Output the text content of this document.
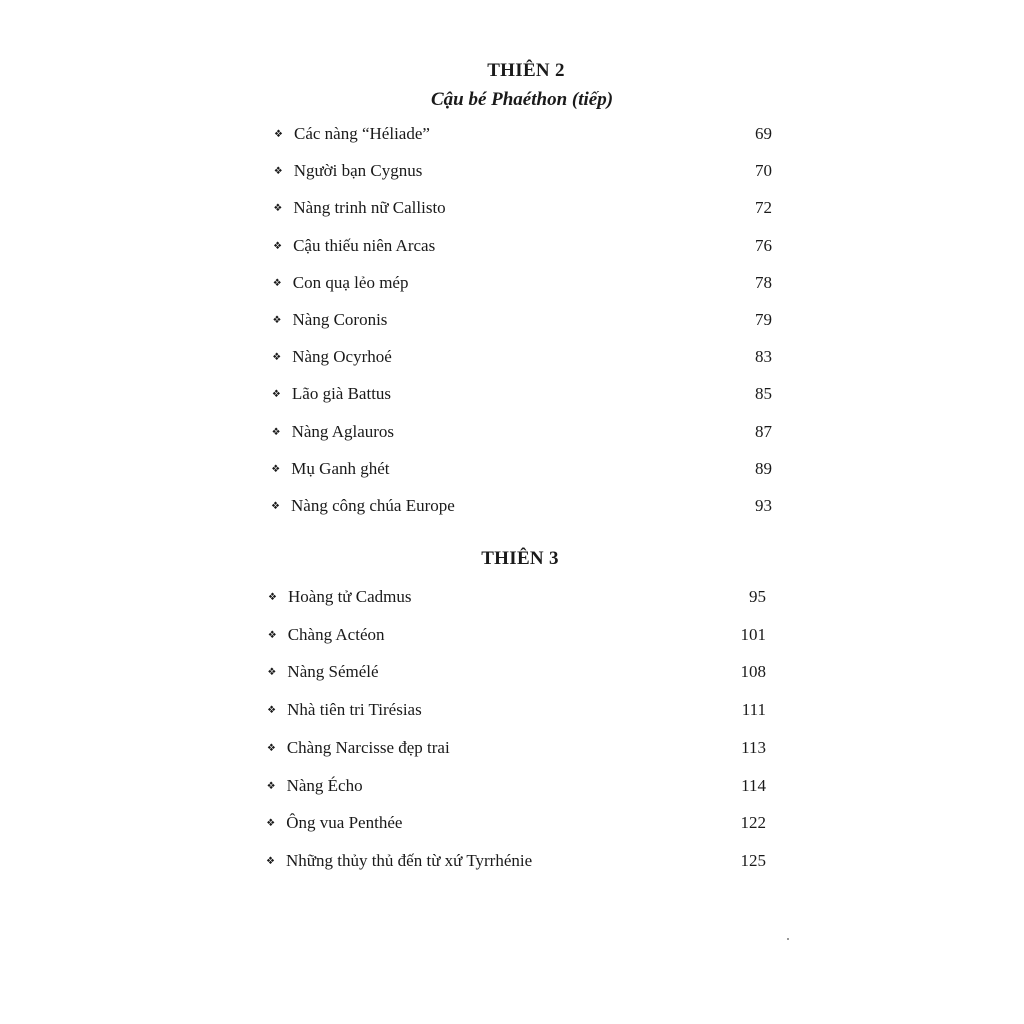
THIÊN 2
Cậu bé Phaéthon (tiếp)
THIÊN 3
❖ Các nàng “Héliade”	69
❖ Người bạn Cygnus	70
❖ Nàng trinh nữ Callisto	72
❖ Cậu thiếu niên Arcas	76
❖ Con quạ lẻo mép	78
❖ Nàng Coronis	79
❖ Nàng Ocyrhoé	83
❖ Lão già Battus	85
❖ Nàng Aglauros	87
❖ Mụ Ganh ghét	89
❖ Nàng công chúa Europe	93
❖ Hoàng tử Cadmus	95
❖ Chàng Actéon	101
❖ Nàng Sémélé	108
❖ Nhà tiên tri Tirésias	111
❖ Chàng Narcisse đẹp trai	113
❖ Nàng Écho	114
❖ Ông vua Penthée	122
❖ Những thủy thủ đến từ xứ Tyrrhénie	125
